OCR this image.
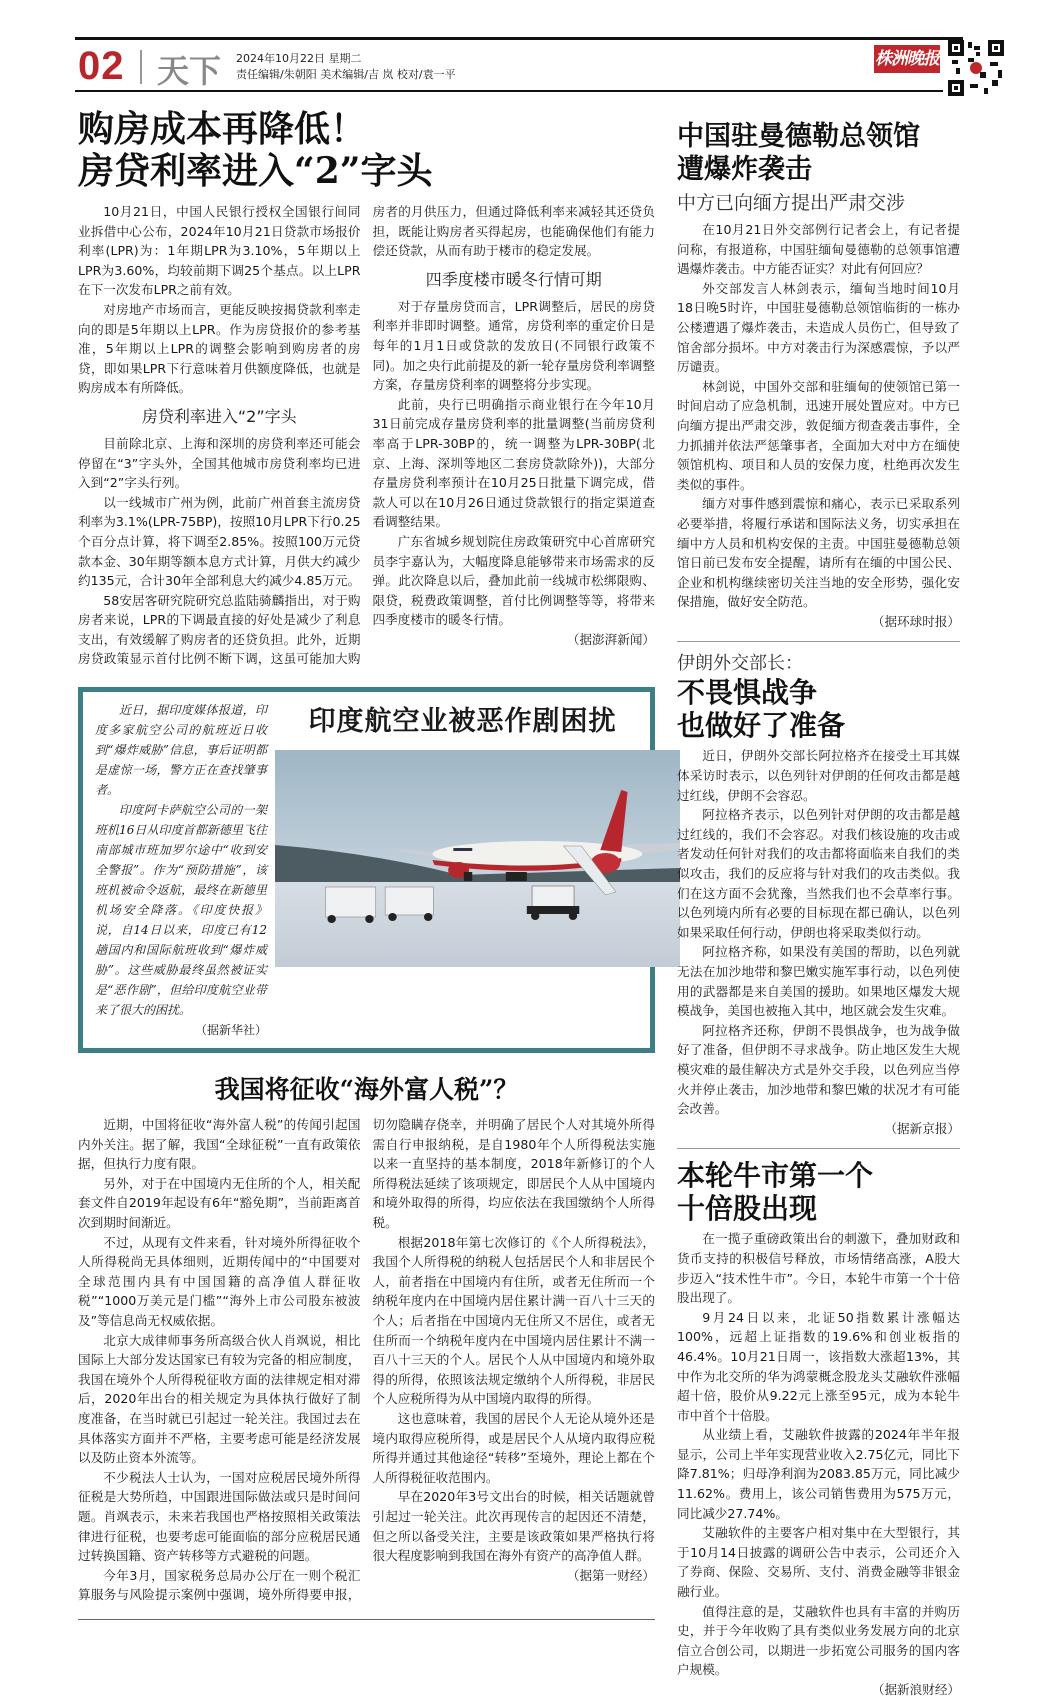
02 天下 2024年10月22日 星期二
责任编辑/朱朝阳 美术编辑/吉 岚 校对/袁一平
株洲晚报
购房成本再降低！
房贷利率进入“2”字头

10月21日，中国人民银行授权全国银行间同业拆借中心公布，2024年10月21日贷款市场报价利率(LPR)为：1年期LPR为3.10%，5年期以上LPR为3.60%，均较前期下调25个基点。以上LPR在下一次发布LPR之前有效。

对房地产市场而言，更能反映按揭贷款利率走向的即是5年期以上LPR。作为房贷报价的参考基准，5年期以上LPR的调整会影响到购房者的房贷，即如果LPR下行意味着月供额度降低，也就是购房成本有所降低。

房贷利率进入“2”字头

目前除北京、上海和深圳的房贷利率还可能会停留在“3”字头外，全国其他城市房贷利率均已进入到“2”字头行列。

以一线城市广州为例，此前广州首套主流房贷利率为3.1%(LPR-75BP)，按照10月LPR下行0.25个百分点计算，将下调至2.85%。按照100万元贷款本金、30年期等额本息方式计算，月供大约减少约135元，合计30年全部利息大约减少4.85万元。

58安居客研究院研究总监陆骑麟指出，对于购房者来说，LPR的下调最直接的好处是减少了利息支出，有效缓解了购房者的还贷负担。此外，近期房贷政策显示首付比例不断下调，这虽可能加大购房者的月供压力，但通过降低利率来减轻其还贷负担，既能让购房者买得起房，也能确保他们有能力偿还贷款，从而有助于楼市的稳定发展。

四季度楼市暖冬行情可期

对于存量房贷而言，LPR调整后，居民的房贷利率并非即时调整。通常，房贷利率的重定价日是每年的1月1日或贷款的发放日(不同银行政策不同)。加之央行此前提及的新一轮存量房贷利率调整方案，存量房贷利率的调整将分步实现。

此前，央行已明确指示商业银行在今年10月31日前完成存量房贷利率的批量调整(当前房贷利率高于LPR-30BP的，统一调整为LPR-30BP(北京、上海、深圳等地区二套房贷款除外))，大部分存量房贷利率预计在10月25日批量下调完成，借款人可以在10月26日通过贷款银行的指定渠道查看调整结果。

广东省城乡规划院住房政策研究中心首席研究员李宇嘉认为，大幅度降息能够带来市场需求的反弹。此次降息以后，叠加此前一线城市松绑限购、限贷，税费政策调整，首付比例调整等等，将带来四季度楼市的暖冬行情。

（据澎湃新闻）

近日，据印度媒体报道，印度多家航空公司的航班近日收到“爆炸威胁”信息，事后证明都是虚惊一场，警方正在查找肇事者。

印度阿卡萨航空公司的一架班机16日从印度首都新德里飞往南部城市班加罗尔途中“收到安全警报”。作为“预防措施”，该班机被命令返航，最终在新德里机场安全降落。《印度快报》说，自14日以来，印度已有12趟国内和国际航班收到“爆炸威胁”。这些威胁最终虽然被证实是“恶作剧”，但给印度航空业带来了很大的困扰。

（据新华社）

印度航空业被恶作剧困扰
我国将征收“海外富人税”？

近期，中国将征收“海外富人税”的传闻引起国内外关注。据了解，我国“全球征税”一直有政策依据，但执行力度有限。

另外，对于在中国境内无住所的个人，相关配套文件自2019年起设有6年“豁免期”，当前距离首次到期时间渐近。

不过，从现有文件来看，针对境外所得征收个人所得税尚无具体细则，近期传闻中的“中国要对全球范围内具有中国国籍的高净值人群征收税”“1000万美元是门槛”“海外上市公司股东被波及”等信息尚无权威依据。

北京大成律师事务所高级合伙人肖飒说，相比国际上大部分发达国家已有较为完备的相应制度，我国在境外个人所得税征收方面的法律规定相对滞后，2020年出台的相关规定为具体执行做好了制度准备，在当时就已引起过一轮关注。我国过去在具体落实方面并不严格，主要考虑可能是经济发展以及防止资本外流等。

不少税法人士认为，一国对应税居民境外所得征税是大势所趋，中国跟进国际做法或只是时间问题。肖飒表示，未来若我国也严格按照相关政策法律进行征税，也要考虑可能面临的部分应税居民通过转换国籍、资产转移等方式避税的问题。

今年3月，国家税务总局办公厅在一则个税汇算服务与风险提示案例中强调，境外所得要申报，切勿隐瞒存侥幸，并明确了居民个人对其境外所得需自行申报纳税，是自1980年个人所得税法实施以来一直坚持的基本制度，2018年新修订的个人所得税法延续了该项规定，即居民个人从中国境内和境外取得的所得，均应依法在我国缴纳个人所得税。

根据2018年第七次修订的《个人所得税法》，我国个人所得税的纳税人包括居民个人和非居民个人，前者指在中国境内有住所，或者无住所而一个纳税年度内在中国境内居住累计满一百八十三天的个人；后者指在中国境内无住所又不居住，或者无住所而一个纳税年度内在中国境内居住累计不满一百八十三天的个人。居民个人从中国境内和境外取得的所得，依照该法规定缴纳个人所得税，非居民个人应税所得为从中国境内取得的所得。

这也意味着，我国的居民个人无论从境外还是境内取得应税所得，或是居民个人从境内取得应税所得并通过其他途径“转移”至境外，理论上都在个人所得税征收范围内。

早在2020年3号文出台的时候，相关话题就曾引起过一轮关注。此次再现传言的起因还不清楚，但之所以备受关注，主要是该政策如果严格执行将很大程度影响到我国在海外有资产的高净值人群。

（据第一财经）

中国驻曼德勒总领馆
遭爆炸袭击
中方已向缅方提出严肃交涉

在10月21日外交部例行记者会上，有记者提问称，有报道称，中国驻缅甸曼德勒的总领事馆遭遇爆炸袭击。中方能否证实？对此有何回应？

外交部发言人林剑表示，缅甸当地时间10月18日晚5时许，中国驻曼德勒总领馆临街的一栋办公楼遭遇了爆炸袭击，未造成人员伤亡，但导致了馆舍部分损坏。中方对袭击行为深感震惊，予以严厉谴责。

林剑说，中国外交部和驻缅甸的使领馆已第一时间启动了应急机制，迅速开展处置应对。中方已向缅方提出严肃交涉，敦促缅方彻查袭击事件，全力抓捕并依法严惩肇事者，全面加大对中方在缅使领馆机构、项目和人员的安保力度，杜绝再次发生类似的事件。

缅方对事件感到震惊和痛心，表示已采取系列必要举措，将履行承诺和国际法义务，切实承担在缅中方人员和机构安保的主责。中国驻曼德勒总领馆日前已发布安全提醒，请所有在缅的中国公民、企业和机构继续密切关注当地的安全形势，强化安保措施，做好安全防范。

（据环球时报）

伊朗外交部长：
不畏惧战争
也做好了准备

近日，伊朗外交部长阿拉格齐在接受土耳其媒体采访时表示，以色列针对伊朗的任何攻击都是越过红线，伊朗不会容忍。

阿拉格齐表示，以色列针对伊朗的攻击都是越过红线的，我们不会容忍。对我们核设施的攻击或者发动任何针对我们的攻击都将面临来自我们的类似攻击，我们的反应将与针对我们的攻击类似。我们在这方面不会犹豫，当然我们也不会草率行事。以色列境内所有必要的目标现在都已确认，以色列如果采取任何行动，伊朗也将采取类似行动。

阿拉格齐称，如果没有美国的帮助，以色列就无法在加沙地带和黎巴嫩实施军事行动，以色列使用的武器都是来自美国的援助。如果地区爆发大规模战争，美国也被拖入其中，地区就会发生灾难。

阿拉格齐还称，伊朗不畏惧战争，也为战争做好了准备，但伊朗不寻求战争。防止地区发生大规模灾难的最佳解决方式是外交手段，以色列应当停火并停止袭击，加沙地带和黎巴嫩的状况才有可能会改善。

（据新京报）

本轮牛市第一个
十倍股出现

在一揽子重磅政策出台的刺激下，叠加财政和货币支持的积极信号释放，市场情绪高涨，A股大步迈入“技术性牛市”。今日，本轮牛市第一个十倍股出现了。

9月24日以来，北证50指数累计涨幅达100%，远超上证指数的19.6%和创业板指的46.4%。10月21日周一，该指数大涨超13%，其中作为北交所的华为鸿蒙概念股龙头艾融软件涨幅超十倍，股价从9.22元上涨至95元，成为本轮牛市中首个十倍股。

从业绩上看，艾融软件披露的2024年半年报显示，公司上半年实现营业收入2.75亿元，同比下降7.81%；归母净利润为2083.85万元，同比减少11.62%。费用上，该公司销售费用为575万元，同比减少27.74%。

艾融软件的主要客户相对集中在大型银行，其于10月14日披露的调研公告中表示，公司还介入了券商、保险、交易所、支付、消费金融等非银金融行业。

值得注意的是，艾融软件也具有丰富的并购历史，并于今年收购了具有类似业务发展方向的北京信立合创公司，以期进一步拓宽公司服务的国内客户规模。

（据新浪财经）
